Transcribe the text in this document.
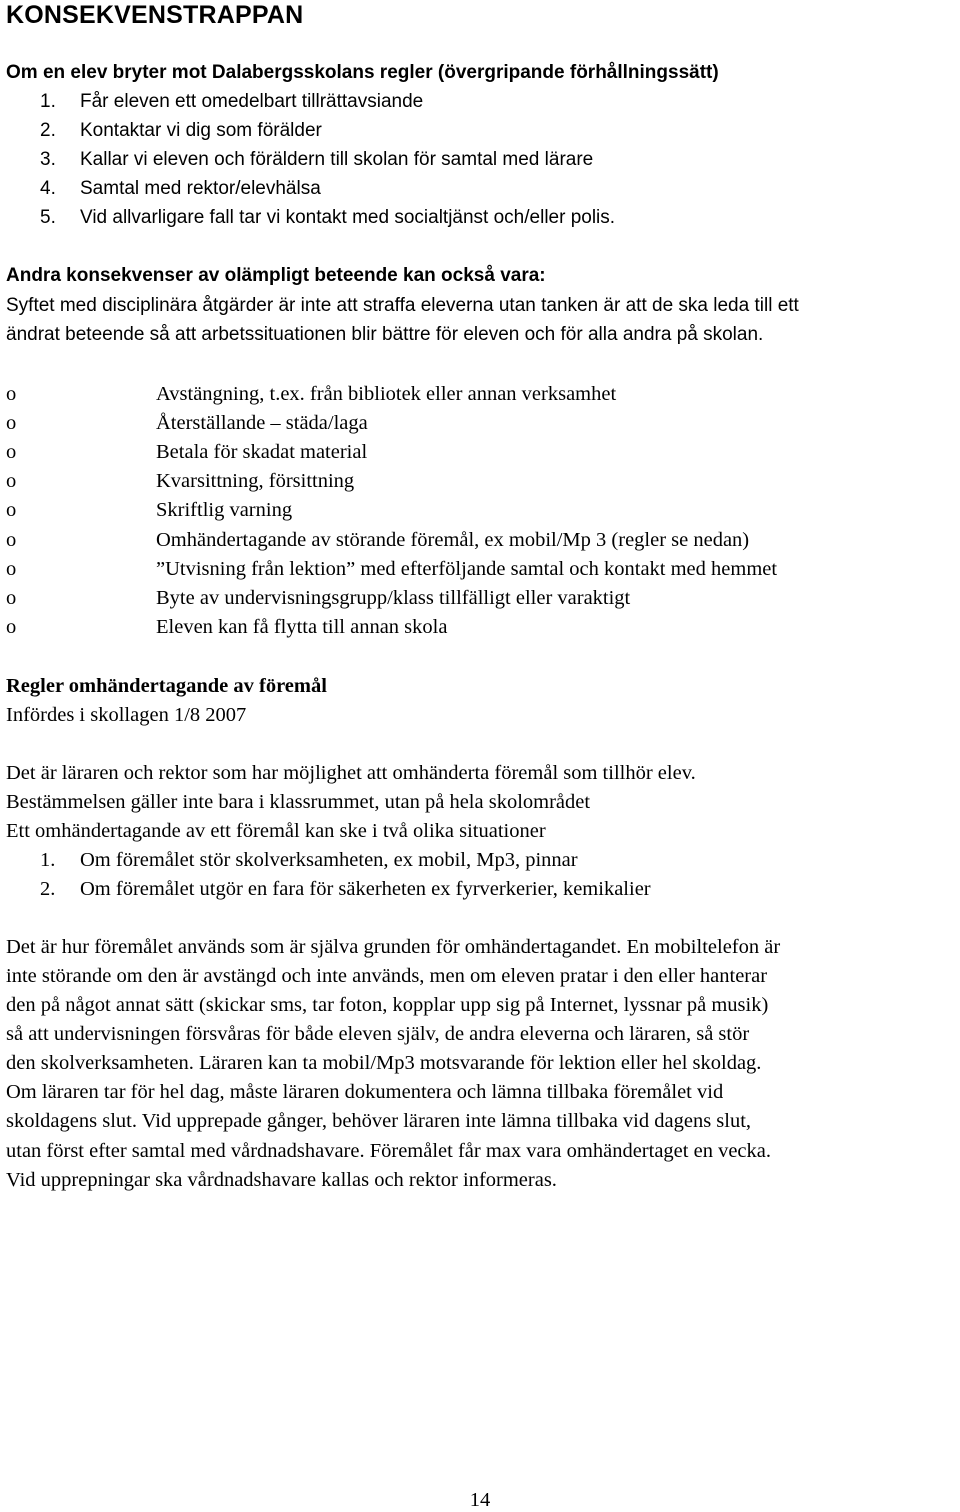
KONSEKVENSTRAPPAN
Om en elev bryter mot Dalabergsskolans regler (övergripande förhållningssätt)
1. Får eleven ett omedelbart tillrättavsiande
2. Kontaktar vi dig som förälder
3. Kallar vi eleven och föräldern till skolan för samtal med lärare
4. Samtal med rektor/elevhälsa
5. Vid allvarligare fall tar vi kontakt med socialtjänst och/eller polis.
Andra konsekvenser av olämpligt beteende kan också vara:
Syftet med disciplinära åtgärder är inte att straffa eleverna utan tanken är att de ska leda till ett
ändrat beteende så att arbetssituationen blir bättre för eleven och för alla andra på skolan.
o	Avstängning, t.ex. från bibliotek eller annan verksamhet
o	Återställande – städa/laga
o	Betala för skadat material
o	Kvarsittning, försittning
o	Skriftlig varning
o	Omhändertagande av störande föremål, ex mobil/Mp 3 (regler se nedan)
o	”Utvisning från lektion” med efterföljande samtal och kontakt med hemmet
o	Byte av undervisningsgrupp/klass tillfälligt eller varaktigt
o	Eleven kan få flytta till annan skola
Regler omhändertagande av föremål
Infördes i skollagen 1/8 2007
Det är läraren och rektor som har möjlighet att omhänderta föremål som tillhör elev.
Bestämmelsen gäller inte bara i klassrummet, utan på hela skolområdet
Ett omhändertagande av ett föremål kan ske i två olika situationer
1. Om föremålet stör skolverksamheten, ex mobil, Mp3, pinnar
2. Om föremålet utgör en fara för säkerheten ex fyrverkerier, kemikalier
Det är hur föremålet används som är själva grunden för omhändertagandet. En mobiltelefon är
inte störande om den är avstängd och inte används, men om eleven pratar i den eller hanterar
den på något annat sätt (skickar sms, tar foton, kopplar upp sig på Internet, lyssnar på musik)
så att undervisningen försvåras för både eleven själv, de andra eleverna och läraren, så stör
den skolverksamheten. Läraren kan ta mobil/Mp3 motsvarande för lektion eller hel skoldag.
Om läraren tar för hel dag, måste läraren dokumentera och lämna tillbaka föremålet vid
skoldagens slut. Vid upprepade gånger, behöver läraren inte lämna tillbaka vid dagens slut,
utan först efter samtal med vårdnadshavare. Föremålet får max vara omhändertaget en vecka.
Vid upprepningar ska vårdnadshavare kallas och rektor informeras.
14
